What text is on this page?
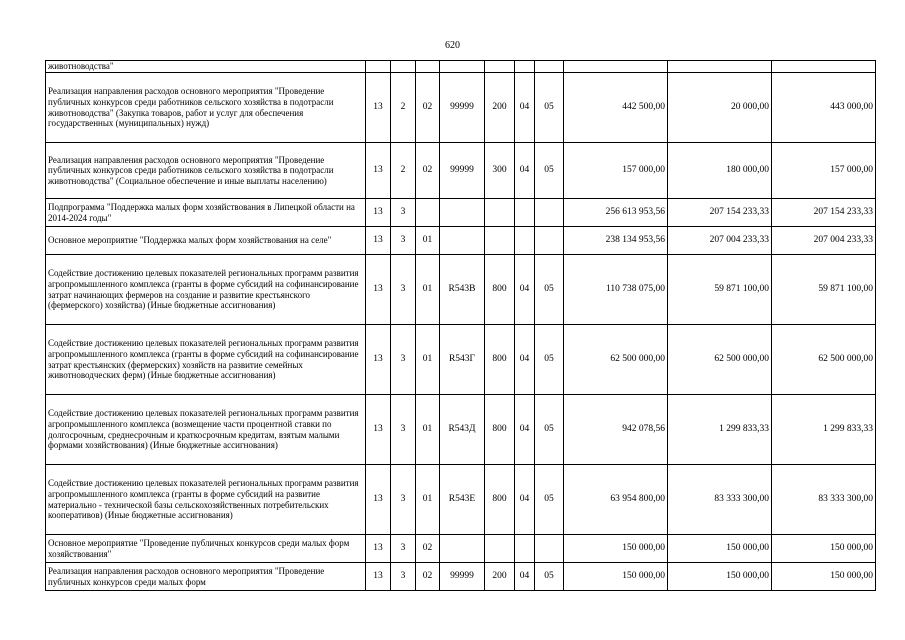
620
животноводства"										
Реализация направления расходов основного мероприятия "Проведение публичных конкурсов среди работников сельского хозяйства в подотрасли животноводства" (Закупка товаров, работ и услуг для обеспечения государственных (муниципальных) нужд)	13	2	02	99999	200	04	05	442 500,00	20 000,00	443 000,00
Реализация направления расходов основного мероприятия "Проведение публичных конкурсов среди работников сельского хозяйства в подотрасли животноводства" (Социальное обеспечение и иные выплаты населению)	13	2	02	99999	300	04	05	157 000,00	180 000,00	157 000,00
Подпрограмма "Поддержка малых форм хозяйствования в Липецкой области на 2014-2024 годы"	13	3						256 613 953,56	207 154 233,33	207 154 233,33
Основное мероприятие "Поддержка малых форм хозяйствования на селе"	13	3	01					238 134 953,56	207 004 233,33	207 004 233,33
Содействие достижению целевых показателей региональных программ развития агропромышленного комплекса (гранты в форме субсидий на софинансирование затрат начинающих фермеров на создание и развитие крестьянского (фермерского) хозяйства) (Иные бюджетные ассигнования)	13	3	01	R543В	800	04	05	110 738 075,00	59 871 100,00	59 871 100,00
Содействие достижению целевых показателей региональных программ развития агропромышленного комплекса (гранты в форме субсидий на софинансирование затрат крестьянских (фермерских) хозяйств на развитие семейных животноводческих ферм) (Иные бюджетные ассигнования)	13	3	01	R543Г	800	04	05	62 500 000,00	62 500 000,00	62 500 000,00
Содействие достижению целевых показателей региональных программ развития агропромышленного комплекса (возмещение части процентной ставки по долгосрочным, среднесрочным и краткосрочным кредитам, взятым малыми формами хозяйствования) (Иные бюджетные ассигнования)	13	3	01	R543Д	800	04	05	942 078,56	1 299 833,33	1 299 833,33
Содействие достижению целевых показателей региональных программ развития агропромышленного комплекса (гранты в форме субсидий на развитие материально - технической базы сельскохозяйственных потребительских кооперативов) (Иные бюджетные ассигнования)	13	3	01	R543Е	800	04	05	63 954 800,00	83 333 300,00	83 333 300,00
Основное мероприятие "Проведение публичных конкурсов среди малых форм хозяйствования"	13	3	02					150 000,00	150 000,00	150 000,00
Реализация направления расходов основного мероприятия "Проведение публичных конкурсов среди малых форм	13	3	02	99999	200	04	05	150 000,00	150 000,00	150 000,00
